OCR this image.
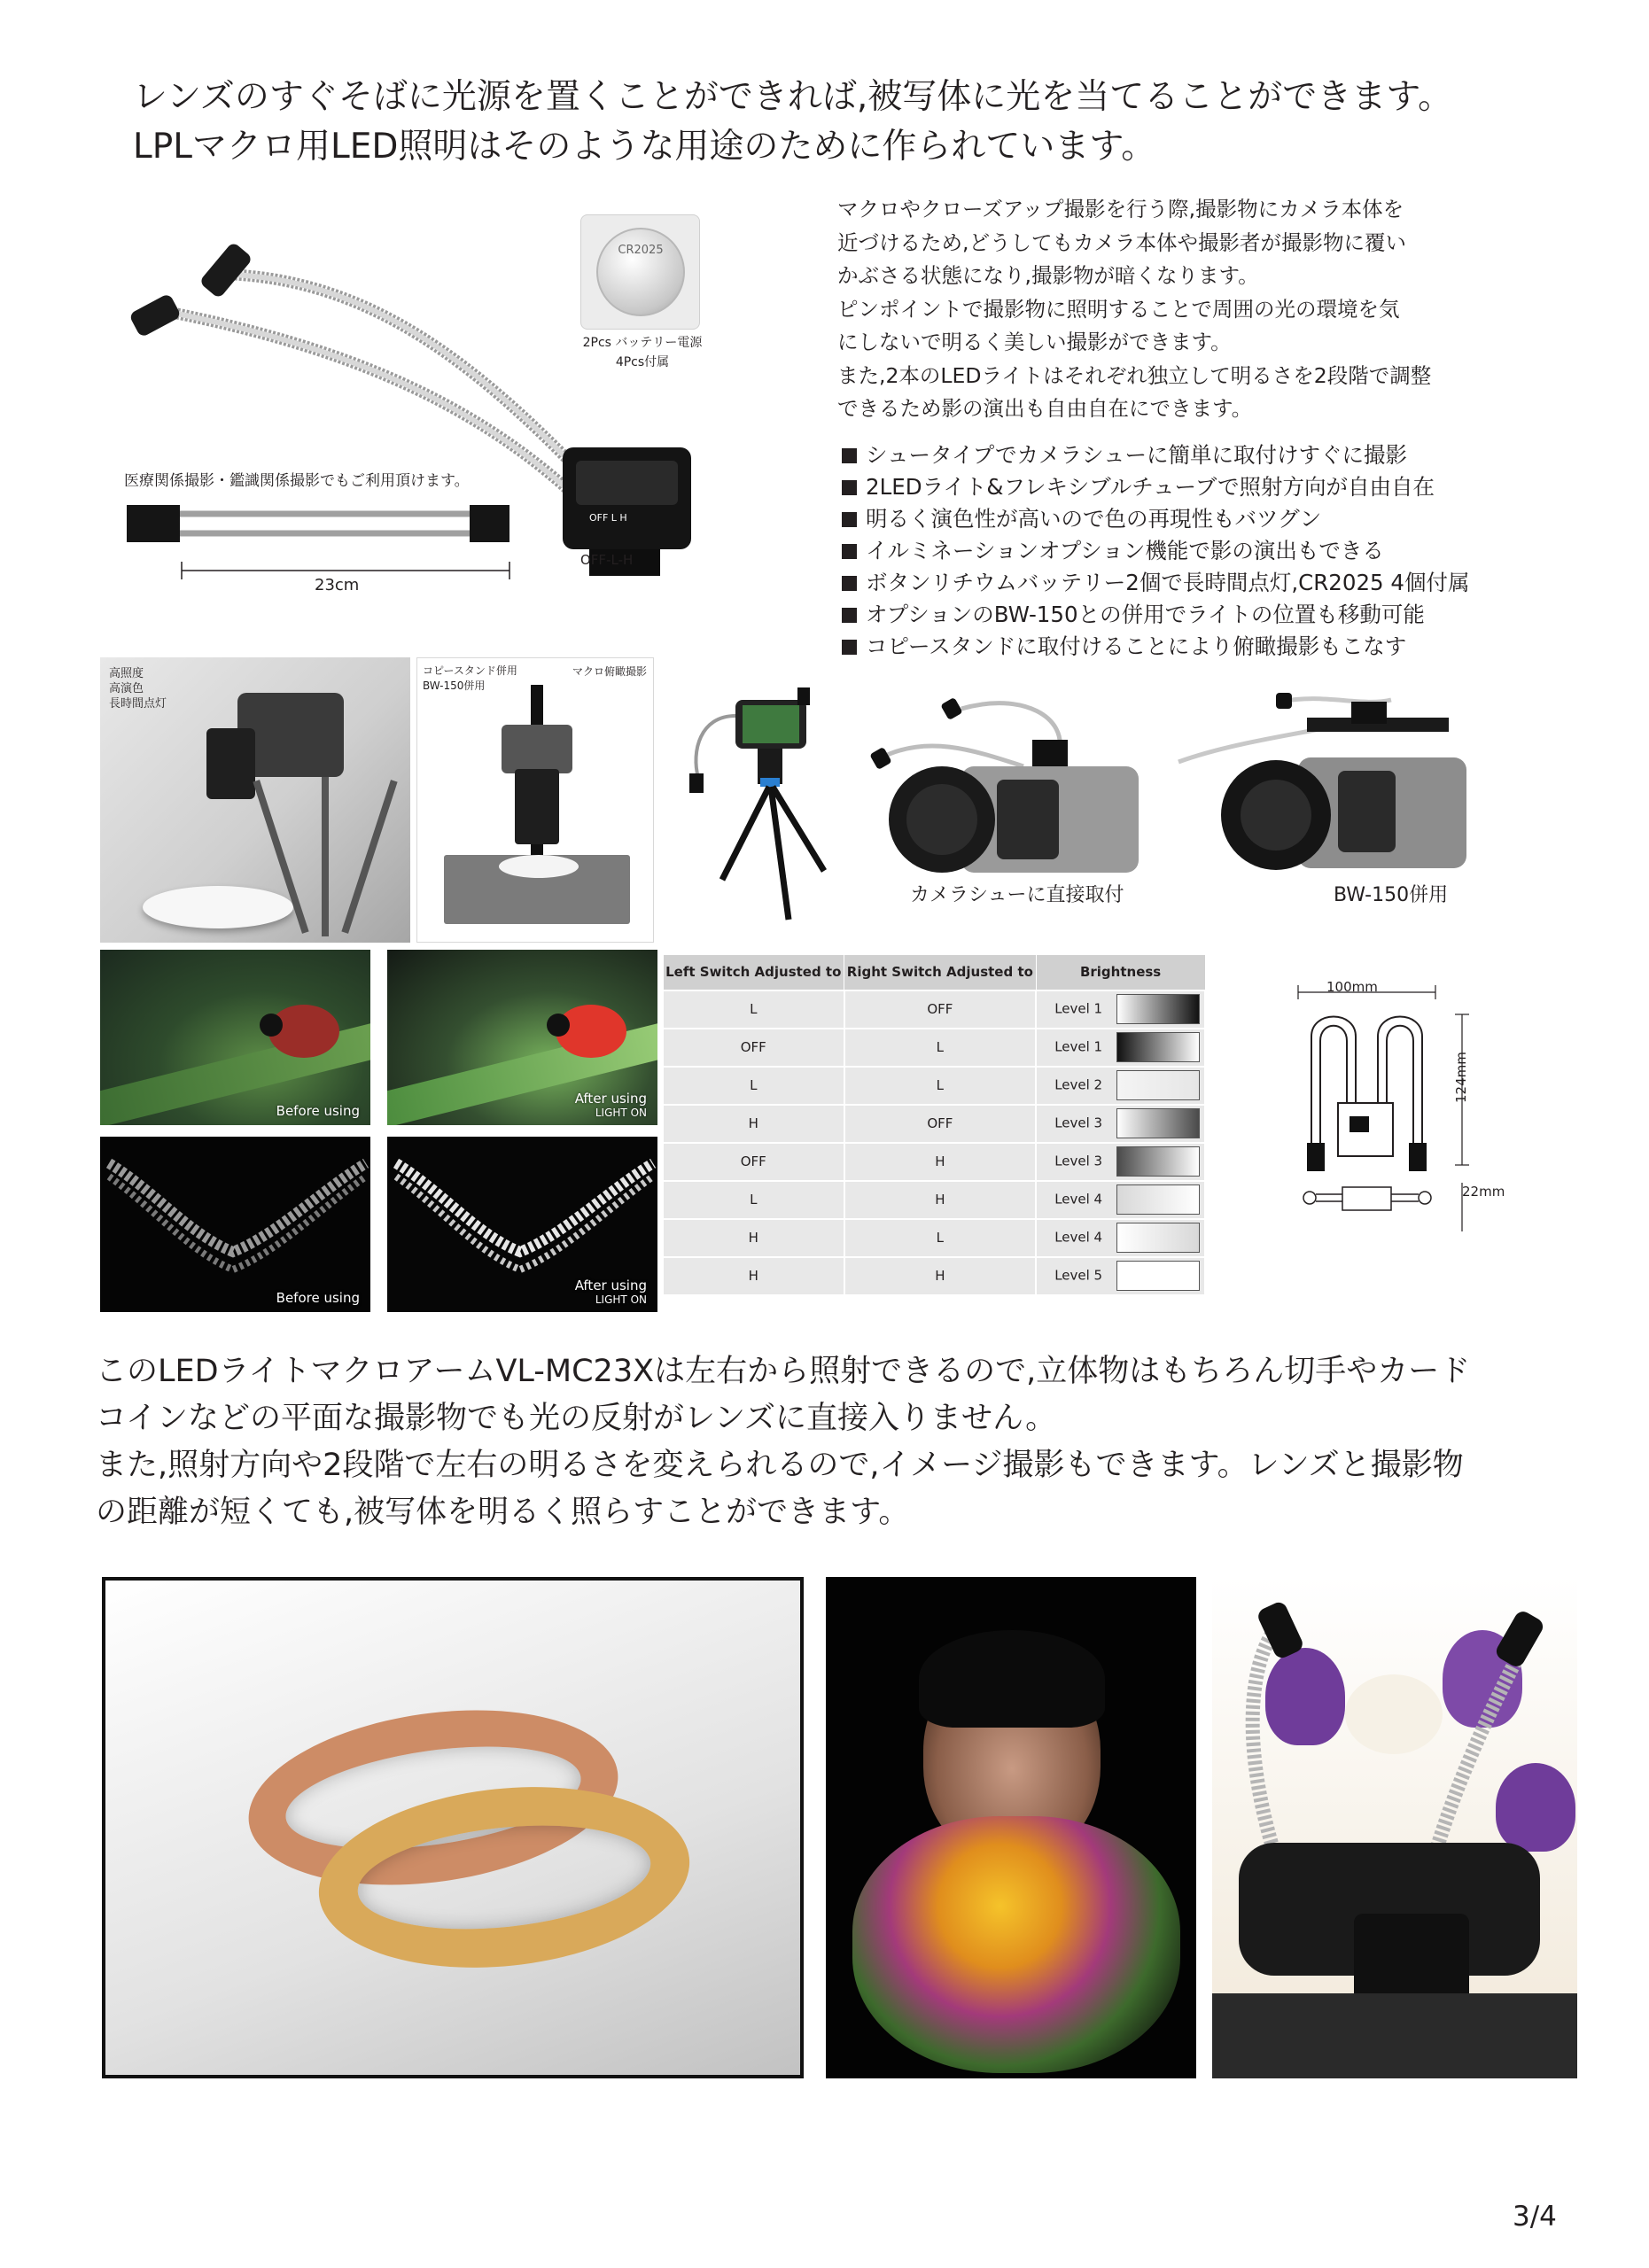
レンズのすぐそばに光源を置くことができれば,被写体に光を当てることができます。
LPLマクロ用LED照明はそのような用途のために作られています。
OFF L H
CR2025
2Pcs バッテリー電源
4Pcs付属
医療関係撮影・鑑識関係撮影でもご利用頂けます。
23cm
OFF-L-H

マクロやクローズアップ撮影を行う際,撮影物にカメラ本体を

近づけるため,どうしてもカメラ本体や撮影者が撮影物に覆い

かぶさる状態になり,撮影物が暗くなります。

ピンポイントで撮影物に照明することで周囲の光の環境を気

にしないで明るく美しい撮影ができます。

また,2本のLEDライトはそれぞれ独立して明るさを2段階で調整

できるため影の演出も自由自在にできます。

シュータイプでカメラシューに簡単に取付けすぐに撮影
2LEDライト&フレキシブルチューブで照射方向が自由自在
明るく演色性が高いので色の再現性もバツグン
イルミネーションオプション機能で影の演出もできる
ボタンリチウムバッテリー2個で長時間点灯,CR2025 4個付属
オプションのBW-150との併用でライトの位置も移動可能
コピースタンドに取付けることにより俯瞰撮影もこなす
高照度
高演色
長時間点灯
コピースタンド併用
BW-150併用
マクロ俯瞰撮影
カメラシューに直接取付	BW-150併用
Before using
After using
LIGHT ON
Before using
After using
LIGHT ON
Left Switch Adjusted to	Right Switch Adjusted to	Brightness
L	OFF	Level 1
OFF	L	Level 1
L	L	Level 2
H	OFF	Level 3
OFF	H	Level 3
L	H	Level 4
H	L	Level 4
H	H	Level 5
100mm
124mm
22mm

このLEDライトマクロアームVL-MC23Xは左右から照射できるので,立体物はもちろん切手やカード

コインなどの平面な撮影物でも光の反射がレンズに直接入りません。

また,照射方向や2段階で左右の明るさを変えられるので,イメージ撮影もできます。レンズと撮影物

の距離が短くても,被写体を明るく照らすことができます。

3/4
